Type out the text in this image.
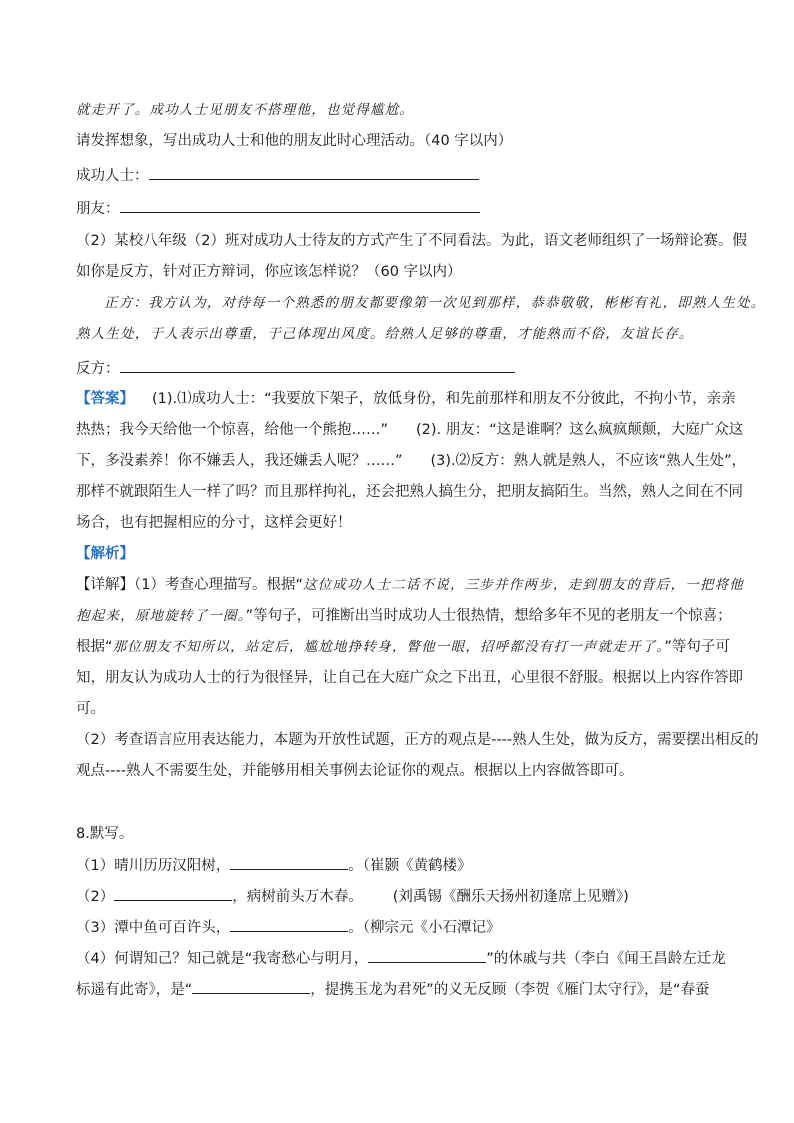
就走开了。成功人士见朋友不搭理他，也觉得尴尬。
请发挥想象，写出成功人士和他的朋友此时心理活动。（40 字以内）
成功人士：
朋友：
（2）某校八年级（2）班对成功人士待友的方式产生了不同看法。为此，语文老师组织了一场辩论赛。假
如你是反方，针对正方辩词，你应该怎样说？（60 字以内）
正方：我方认为，对待每一个熟悉的朋友都要像第一次见到那样，恭恭敬敬，彬彬有礼，即熟人生处。
熟人生处，于人表示出尊重，于己体现出风度。给熟人足够的尊重，才能熟而不俗，友谊长存。
反方：
【答案】 (1).⑴成功人士：“我要放下架子，放低身份，和先前那样和朋友不分彼此，不拘小节，亲亲
热热；我今天给他一个惊喜，给他一个熊抱……” (2). 朋友：“这是谁啊？这么疯疯颠颠，大庭广众这
下，多没素养！你不嫌丢人，我还嫌丢人呢？……” (3).⑵反方：熟人就是熟人，不应该“熟人生处”，
那样不就跟陌生人一样了吗？而且那样拘礼，还会把熟人搞生分，把朋友搞陌生。当然，熟人之间在不同
场合，也有把握相应的分寸，这样会更好！
【解析】
【详解】（1）考查心理描写。根据“这位成功人士二话不说，三步并作两步，走到朋友的背后，一把将他
抱起来，原地旋转了一圈。”等句子，可推断出当时成功人士很热情，想给多年不见的老朋友一个惊喜；
根据“那位朋友不知所以，站定后，尴尬地挣转身，瞥他一眼，招呼都没有打一声就走开了。”等句子可
知，朋友认为成功人士的行为很怪异，让自己在大庭广众之下出丑，心里很不舒服。根据以上内容作答即
可。
（2）考查语言应用表达能力，本题为开放性试题，正方的观点是----熟人生处，做为反方，需要摆出相反的
观点----熟人不需要生处，并能够用相关事例去论证你的观点。根据以上内容做答即可。
8.默写。
（1）晴川历历汉阳树，	。（崔颢《黄鹤楼》
（2）	，病树前头万木春。 (刘禹锡《酬乐天扬州初逢席上见赠》)
（3）潭中鱼可百许头，	。（柳宗元《小石潭记》
（4）何谓知己？知己就是“我寄愁心与明月，	”的休戚与共（李白《闻王昌龄左迁龙
标遥有此寄》，是“	，提携玉龙为君死”的义无反顾（李贺《雁门太守行》，是“春蚕
